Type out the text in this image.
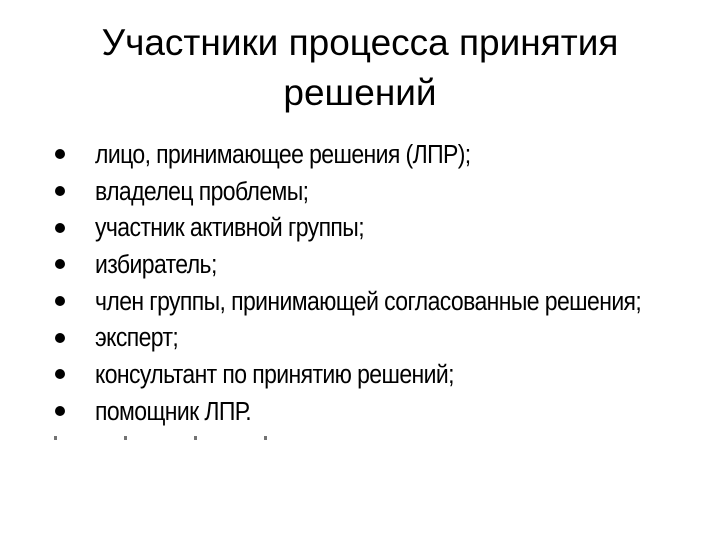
Участники процесса принятия
решений
лицо, принимающее решения (ЛПР);
владелец проблемы;
участник активной группы;
избиратель;
член группы, принимающей согласованные решения;
эксперт;
консультант по принятию решений;
помощник ЛПР.
